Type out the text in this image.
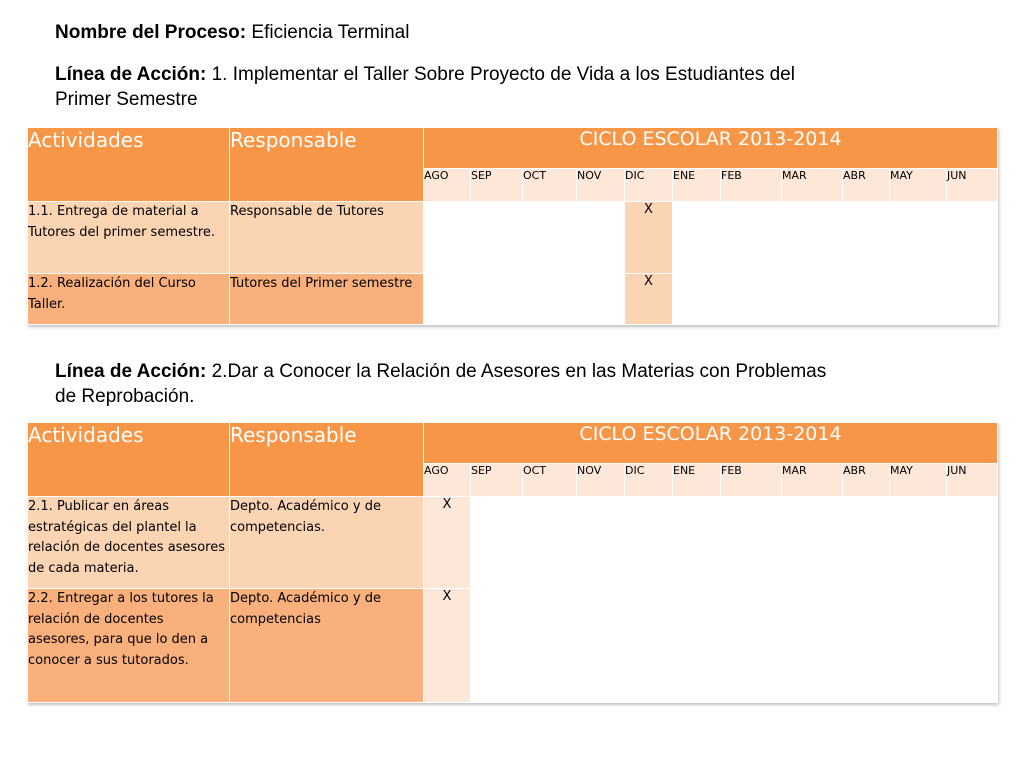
Nombre del Proceso: Eficiencia Terminal

Línea de Acción: 1. Implementar el Taller Sobre Proyecto de Vida a los Estudiantes del
Primer Semestre

Actividades	Responsable	CICLO ESCOLAR 2013-2014										
		AGO	SEP	OCT	NOV	DIC	ENE	FEB	MAR	ABR	MAY	JUN
1.1. Entrega de material a Tutores del primer semestre.	Responsable de Tutores					X						
1.2. Realización del Curso Taller.	Tutores del Primer semestre					X						

Línea de Acción: 2.Dar a Conocer la Relación de Asesores en las Materias con Problemas
de Reprobación.

Actividades	Responsable	CICLO ESCOLAR 2013-2014										
		AGO	SEP	OCT	NOV	DIC	ENE	FEB	MAR	ABR	MAY	JUN
2.1. Publicar en áreas estratégicas del plantel la relación de docentes asesores de cada materia.	Depto. Académico y de competencias.	X										
2.2. Entregar a los tutores la relación de docentes asesores, para que lo den a conocer a sus tutorados.	Depto. Académico y de competencias	X										
